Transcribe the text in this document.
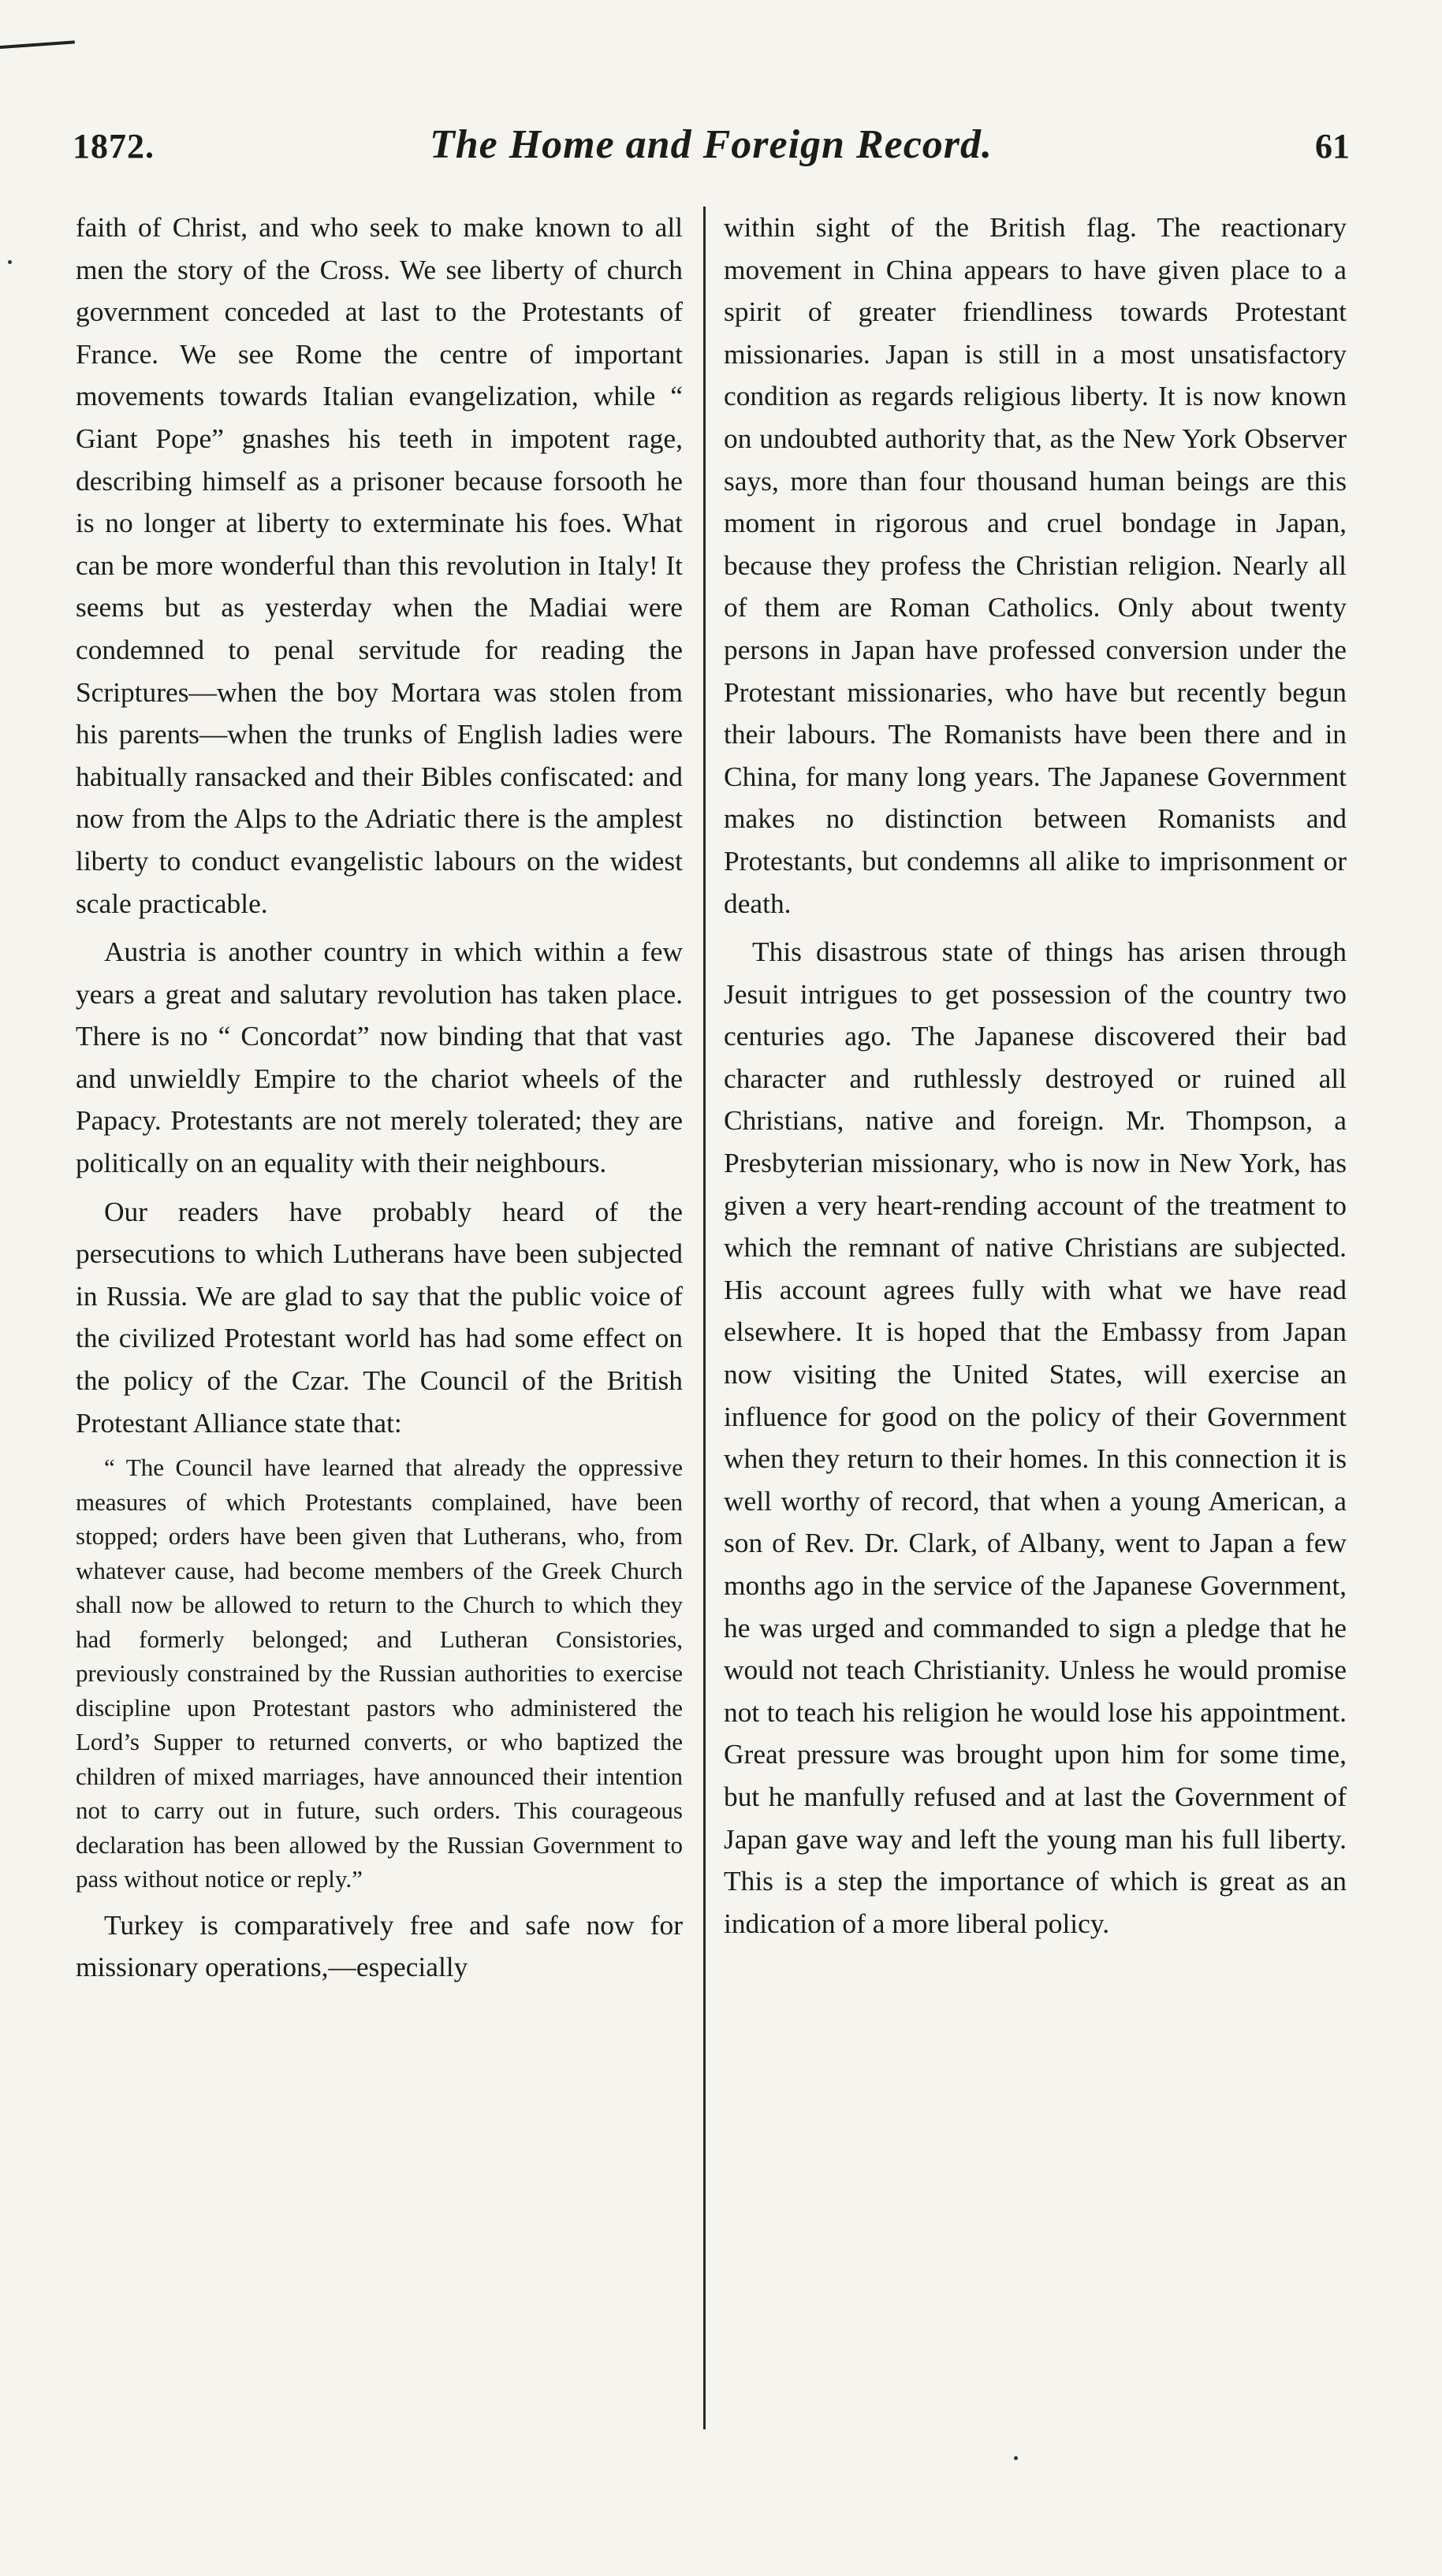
1872.	The Home and Foreign Record.	61

faith of Christ, and who seek to make known to all men the story of the Cross. We see liberty of church government conceded at last to the Protestants of France. We see Rome the centre of important movements towards Italian evangelization, while “ Giant Pope” gnashes his teeth in impotent rage, describing himself as a prisoner because forsooth he is no longer at liberty to exterminate his foes. What can be more wonderful than this revolution in Italy! It seems but as yesterday when the Madiai were condemned to penal servitude for reading the Scriptures—when the boy Mortara was stolen from his parents—when the trunks of English ladies were habitually ransacked and their Bibles confiscated: and now from the Alps to the Adriatic there is the amplest liberty to conduct evangelistic labours on the widest scale practicable.

Austria is another country in which within a few years a great and salutary revolution has taken place. There is no “ Concordat” now binding that that vast and unwieldly Empire to the chariot wheels of the Papacy. Protestants are not merely tolerated; they are politically on an equality with their neighbours.

Our readers have probably heard of the persecutions to which Lutherans have been subjected in Russia. We are glad to say that the public voice of the civilized Protestant world has had some effect on the policy of the Czar. The Council of the British Protestant Alliance state that:

“ The Council have learned that already the oppressive measures of which Protestants complained, have been stopped; orders have been given that Lutherans, who, from whatever cause, had become members of the Greek Church shall now be allowed to return to the Church to which they had formerly belonged; and Lutheran Consistories, previously constrained by the Russian authorities to exercise discipline upon Protestant pastors who administered the Lord’s Supper to returned converts, or who baptized the children of mixed marriages, have announced their intention not to carry out in future, such orders. This courageous declaration has been allowed by the Russian Government to pass without notice or reply.”

Turkey is comparatively free and safe now for missionary operations,—especially

within sight of the British flag. The reactionary movement in China appears to have given place to a spirit of greater friendliness towards Protestant missionaries. Japan is still in a most unsatisfactory condition as regards religious liberty. It is now known on undoubted authority that, as the New York Observer says, more than four thousand human beings are this moment in rigorous and cruel bondage in Japan, because they profess the Christian religion. Nearly all of them are Roman Catholics. Only about twenty persons in Japan have professed conversion under the Protestant missionaries, who have but recently begun their labours. The Romanists have been there and in China, for many long years. The Japanese Government makes no distinction between Romanists and Protestants, but condemns all alike to imprisonment or death.

This disastrous state of things has arisen through Jesuit intrigues to get possession of the country two centuries ago. The Japanese discovered their bad character and ruthlessly destroyed or ruined all Christians, native and foreign. Mr. Thompson, a Presbyterian missionary, who is now in New York, has given a very heart-rending account of the treatment to which the remnant of native Christians are subjected. His account agrees fully with what we have read elsewhere. It is hoped that the Embassy from Japan now visiting the United States, will exercise an influence for good on the policy of their Government when they return to their homes. In this connection it is well worthy of record, that when a young American, a son of Rev. Dr. Clark, of Albany, went to Japan a few months ago in the service of the Japanese Government, he was urged and commanded to sign a pledge that he would not teach Christianity. Unless he would promise not to teach his religion he would lose his appointment. Great pressure was brought upon him for some time, but he manfully refused and at last the Government of Japan gave way and left the young man his full liberty. This is a step the importance of which is great as an indication of a more liberal policy.
